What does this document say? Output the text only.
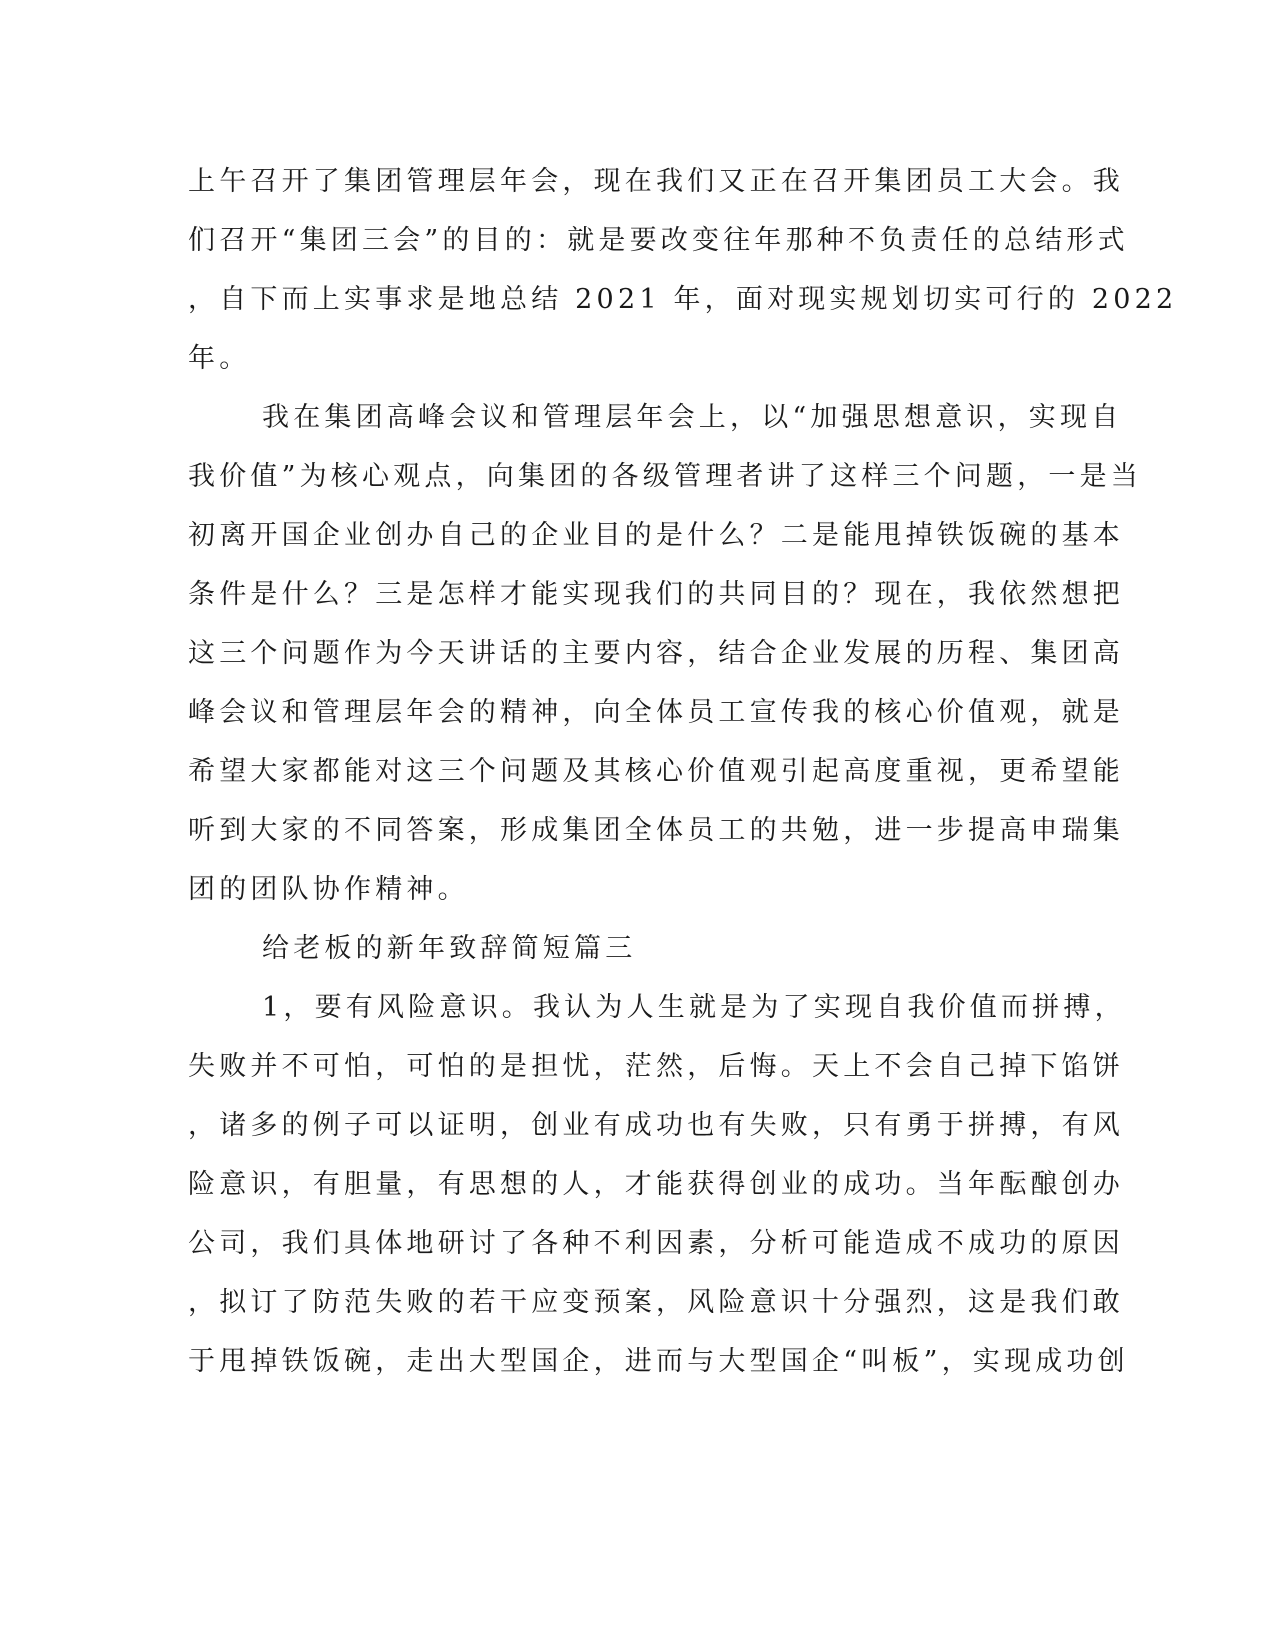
上午召开了集团管理层年会，现在我们又正在召开集团员工大会。我
们召开“集团三会”的目的：就是要改变往年那种不负责任的总结形式
，自下而上实事求是地总结 2021 年，面对现实规划切实可行的 2022
年。
我在集团高峰会议和管理层年会上，以“加强思想意识，实现自
我价值”为核心观点，向集团的各级管理者讲了这样三个问题，一是当
初离开国企业创办自己的企业目的是什么？二是能甩掉铁饭碗的基本
条件是什么？三是怎样才能实现我们的共同目的？现在，我依然想把
这三个问题作为今天讲话的主要内容，结合企业发展的历程、集团高
峰会议和管理层年会的精神，向全体员工宣传我的核心价值观，就是
希望大家都能对这三个问题及其核心价值观引起高度重视，更希望能
听到大家的不同答案，形成集团全体员工的共勉，进一步提高申瑞集
团的团队协作精神。
给老板的新年致辞简短篇三
1，要有风险意识。我认为人生就是为了实现自我价值而拼搏，
失败并不可怕，可怕的是担忧，茫然，后悔。天上不会自己掉下馅饼
，诸多的例子可以证明，创业有成功也有失败，只有勇于拼搏，有风
险意识，有胆量，有思想的人，才能获得创业的成功。当年酝酿创办
公司，我们具体地研讨了各种不利因素，分析可能造成不成功的原因
，拟订了防范失败的若干应变预案，风险意识十分强烈，这是我们敢
于甩掉铁饭碗，走出大型国企，进而与大型国企“叫板”，实现成功创
